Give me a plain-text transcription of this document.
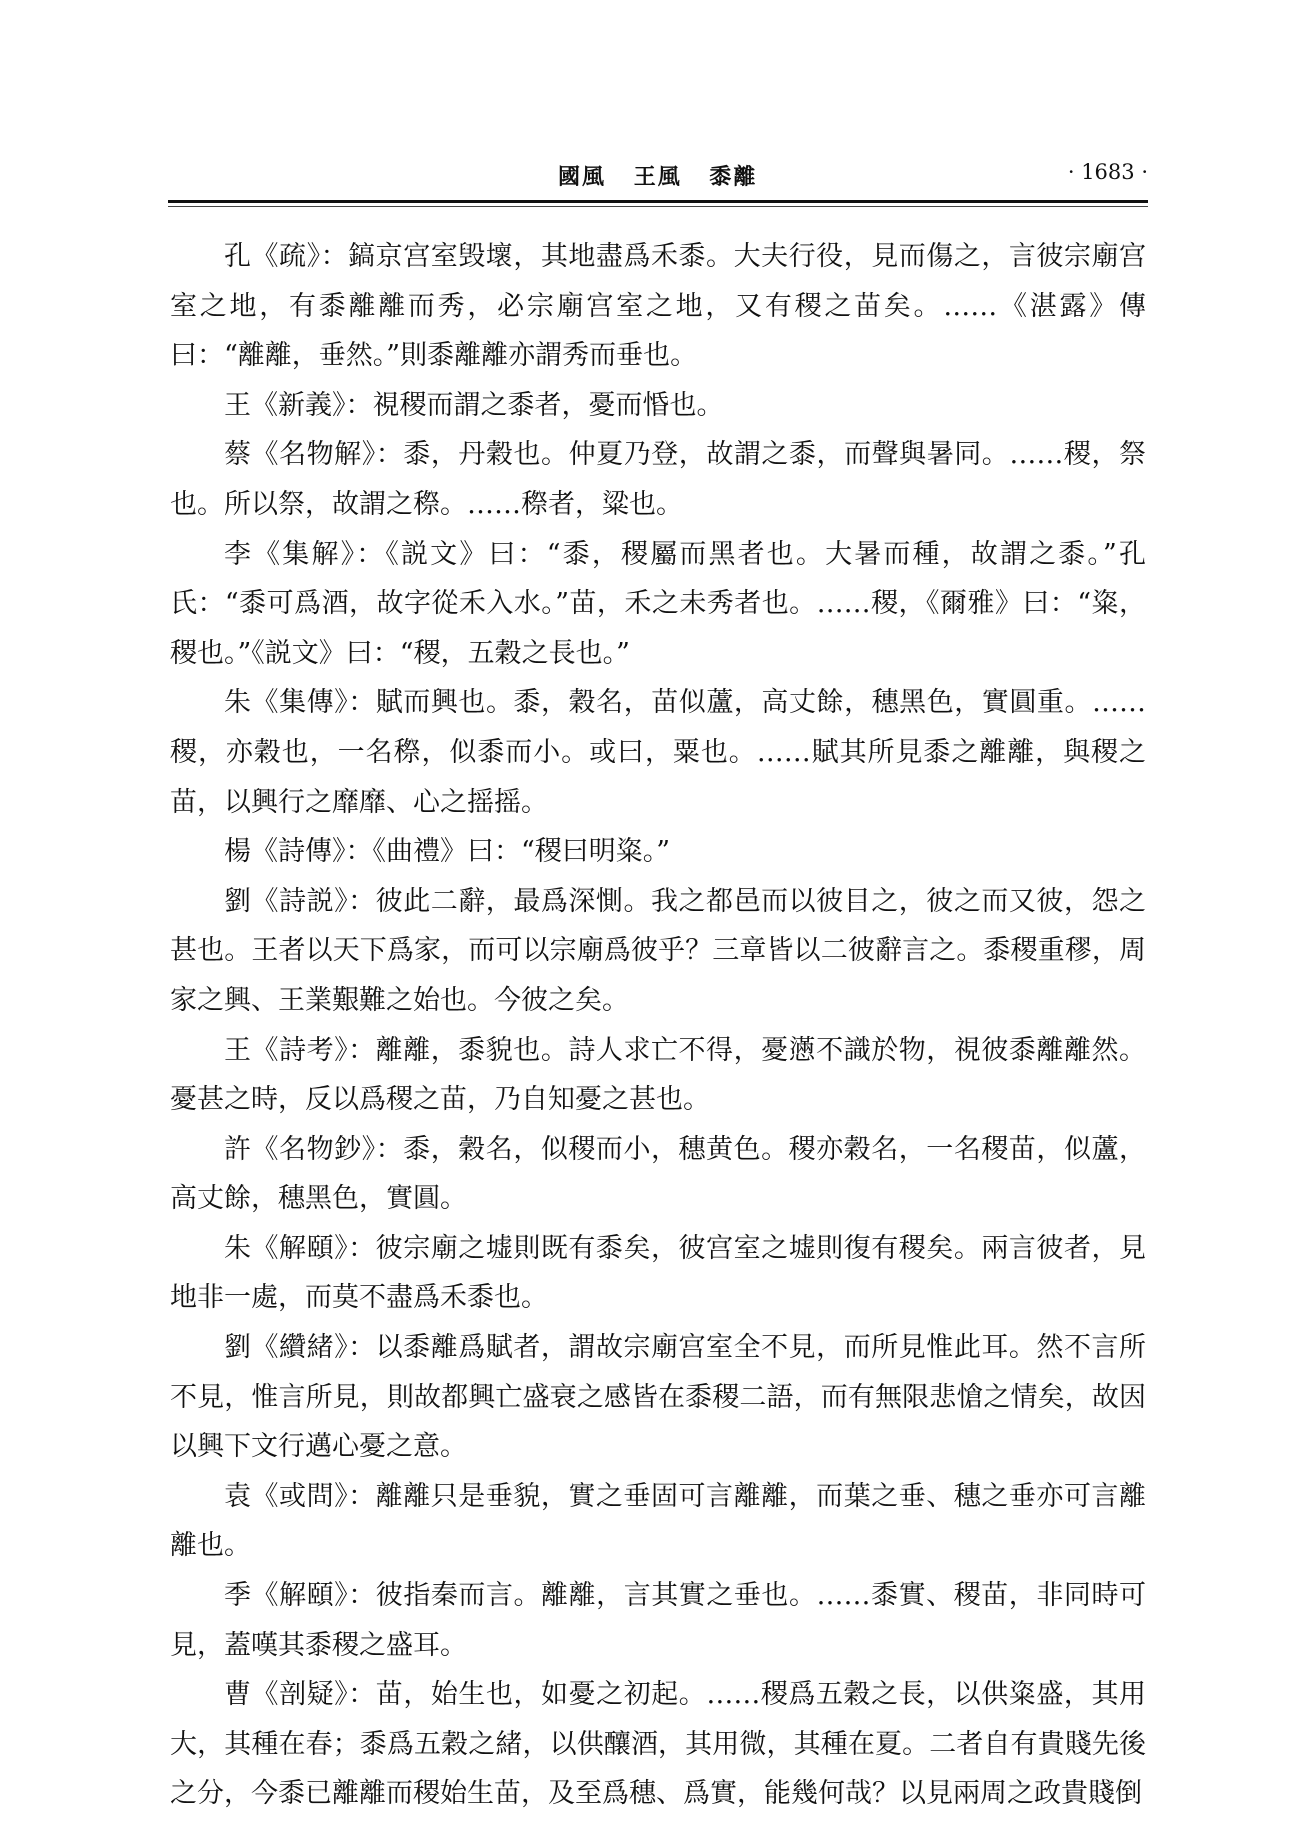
國風 王風 黍離	· 1683 ·

孔《疏》：鎬京宫室毁壞，其地盡爲禾黍。大夫行役，見而傷之，言彼宗廟宫室之地，有黍離離而秀，必宗廟宫室之地，又有稷之苗矣。……《湛露》傳曰：“離離，垂然。”則黍離離亦謂秀而垂也。

王《新義》：視稷而謂之黍者，憂而惛也。

蔡《名物解》：黍，丹穀也。仲夏乃登，故謂之黍，而聲與暑同。……稷，祭也。所以祭，故謂之穄。……穄者，粱也。

李《集解》：《説文》曰：“黍，稷屬而黑者也。大暑而種，故謂之黍。”孔氏：“黍可爲酒，故字從禾入水。”苗，禾之未秀者也。……稷，《爾雅》曰：“粢，稷也。”《説文》曰：“稷，五穀之長也。”

朱《集傳》：賦而興也。黍，穀名，苗似蘆，高丈餘，穗黑色，實圓重。……稷，亦穀也，一名穄，似黍而小。或曰，粟也。……賦其所見黍之離離，與稷之苗，以興行之靡靡、心之摇摇。

楊《詩傳》：《曲禮》曰：“稷曰明粢。”

劉《詩説》：彼此二辭，最爲深惻。我之都邑而以彼目之，彼之而又彼，怨之甚也。王者以天下爲家，而可以宗廟爲彼乎？三章皆以二彼辭言之。黍稷重穋，周家之興、王業艱難之始也。今彼之矣。

王《詩考》：離離，黍貌也。詩人求亡不得，憂懣不識於物，視彼黍離離然。憂甚之時，反以爲稷之苗，乃自知憂之甚也。

許《名物鈔》：黍，穀名，似稷而小，穗黄色。稷亦穀名，一名稷苗，似蘆，高丈餘，穗黑色，實圓。

朱《解頤》：彼宗廟之墟則既有黍矣，彼宫室之墟則復有稷矣。兩言彼者，見地非一處，而莫不盡爲禾黍也。

劉《纘緒》：以黍離爲賦者，謂故宗廟宫室全不見，而所見惟此耳。然不言所不見，惟言所見，則故都興亡盛衰之感皆在黍稷二語，而有無限悲愴之情矣，故因以興下文行邁心憂之意。

袁《或問》：離離只是垂貌，實之垂固可言離離，而葉之垂、穗之垂亦可言離離也。

季《解頤》：彼指秦而言。離離，言其實之垂也。……黍實、稷苗，非同時可見，蓋嘆其黍稷之盛耳。

曹《剖疑》：苗，始生也，如憂之初起。……稷爲五穀之長，以供粢盛，其用大，其種在春；黍爲五穀之緒，以供釀酒，其用微，其種在夏。二者自有貴賤先後之分，今黍已離離而稷始生苗，及至爲穗、爲實，能幾何哉？以見兩周之政貴賤倒
